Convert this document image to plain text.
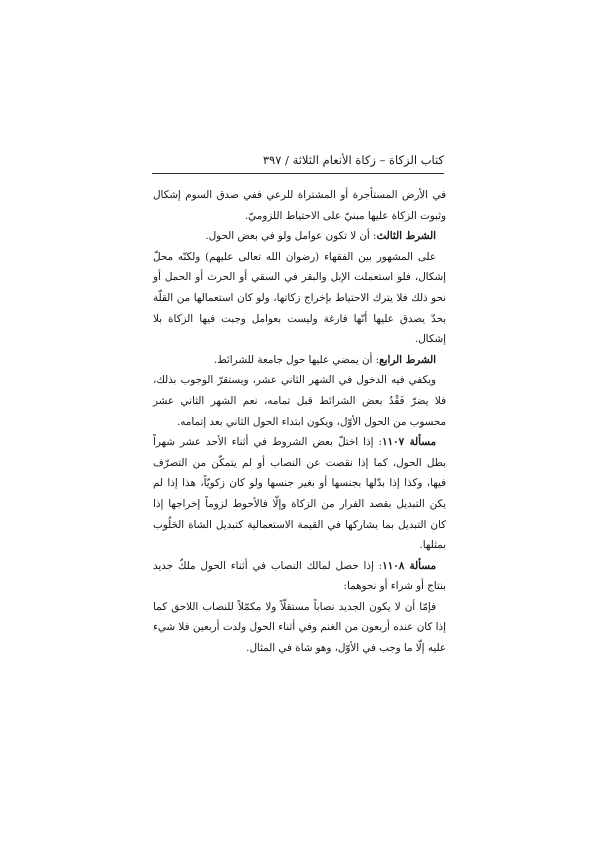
كتاب الزكاة – زكاة الأنعام الثلاثة / ٣٩٧

في الأرض المستأجرة أو المشتراة للرعي ففي صدق السوم إشكال وثبوت الزكاة عليها مبنيّ على الاحتياط اللزوميّ.

الشرط الثالث: أن لا تكون عوامل ولو في بعض الحول.

على المشهور بين الفقهاء (رضوان الله تعالى عليهم) ولكنّه محلّ إشكال، فلو استعملت الإبل والبقر في السقي أو الحرث أو الحمل أو نحو ذلك فلا يترك الاحتياط بإخراج زكاتها، ولو كان استعمالها من القلّة بحدّ يصدق عليها أنّها فارغة وليست بعوامل وجبت فيها الزكاة بلا إشكال.

الشرط الرابع: أن يمضي عليها حول جامعة للشرائط.

ويكفي فيه الدخول في الشهر الثاني عشر، ويستقرّ الوجوب بذلك، فلا يضرّ فَقْدُ بعض الشرائط قبل تمامه، نعم الشهر الثاني عشر محسوب من الحول الأوّل، ويكون ابتداء الحول الثاني بعد إتمامه.

مسألة ١١٠٧: إذا اختلّ بعض الشروط في أثناء الأحد عشر شهراً بطل الحول، كما إذا نقصت عن النصاب أو لم يتمكّن من التصرّف فيها، وكذا إذا بدّلها بجنسها أو بغير جنسها ولو كان زكويّاً، هذا إذا لم يكن التبديل بقصد الفرار من الزكاة وإلّا فالأحوط لزوماً إخراجها إذا كان التبديل بما يشاركها في القيمة الاستعمالية كتبديل الشاة الحَلُوب بمثلها.

مسألة ١١٠٨: إذا حصل لمالك النصاب في أثناء الحول ملكٌ جديد بنتاج أو شراء أو نحوهما:

فإمّا أن لا يكون الجديد نصاباً مستقلّاً ولا مكمّلاً للنصاب اللاحق كما إذا كان عنده أربعون من الغنم وفي أثناء الحول ولدت أربعين فلا شيء عليه إلّا ما وجب في الأوّل، وهو شاة في المثال.
